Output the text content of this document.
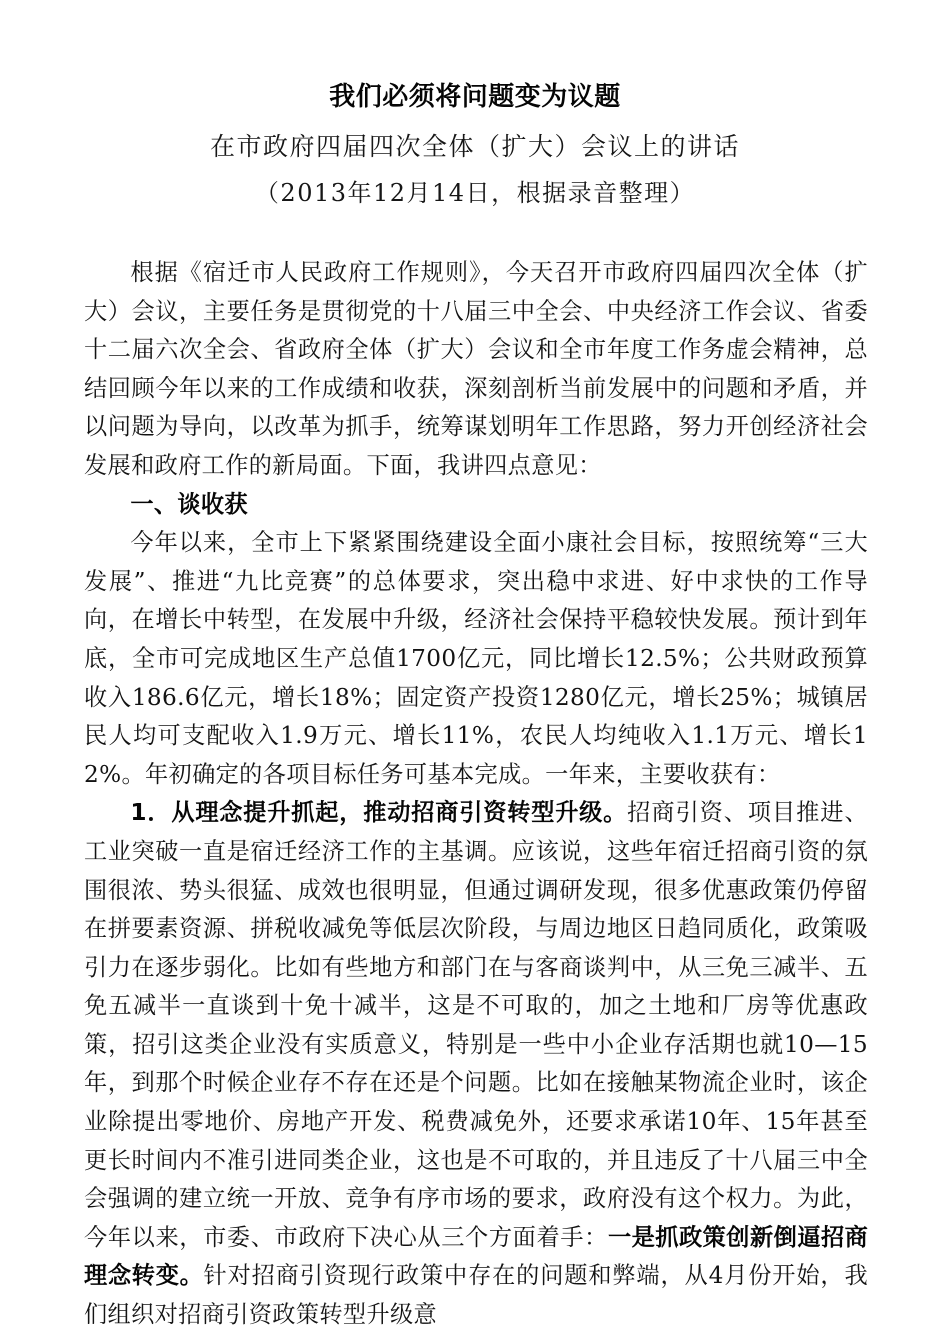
我们必须将问题变为议题
在市政府四届四次全体（扩大）会议上的讲话
（2013年12月14日，根据录音整理）

根据《宿迁市人民政府工作规则》，今天召开市政府四届四次全体（扩大）会议，主要任务是贯彻党的十八届三中全会、中央经济工作会议、省委十二届六次全会、省政府全体（扩大）会议和全市年度工作务虚会精神，总结回顾今年以来的工作成绩和收获，深刻剖析当前发展中的问题和矛盾，并以问题为导向，以改革为抓手，统筹谋划明年工作思路，努力开创经济社会发展和政府工作的新局面。下面，我讲四点意见：

一、谈收获

今年以来，全市上下紧紧围绕建设全面小康社会目标，按照统筹“三大发展”、推进“九比竞赛”的总体要求，突出稳中求进、好中求快的工作导向，在增长中转型，在发展中升级，经济社会保持平稳较快发展。预计到年底，全市可完成地区生产总值1700亿元，同比增长12.5%；公共财政预算收入186.6亿元，增长18%；固定资产投资1280亿元，增长25%；城镇居民人均可支配收入1.9万元、增长11%，农民人均纯收入1.1万元、增长12%。年初确定的各项目标任务可基本完成。一年来，主要收获有：

1．从理念提升抓起，推动招商引资转型升级。招商引资、项目推进、工业突破一直是宿迁经济工作的主基调。应该说，这些年宿迁招商引资的氛围很浓、势头很猛、成效也很明显，但通过调研发现，很多优惠政策仍停留在拼要素资源、拼税收减免等低层次阶段，与周边地区日趋同质化，政策吸引力在逐步弱化。比如有些地方和部门在与客商谈判中，从三免三减半、五免五减半一直谈到十免十减半，这是不可取的，加之土地和厂房等优惠政策，招引这类企业没有实质意义，特别是一些中小企业存活期也就10—15年，到那个时候企业存不存在还是个问题。比如在接触某物流企业时，该企业除提出零地价、房地产开发、税费减免外，还要求承诺10年、15年甚至更长时间内不准引进同类企业，这也是不可取的，并且违反了十八届三中全会强调的建立统一开放、竞争有序市场的要求，政府没有这个权力。为此，今年以来，市委、市政府下决心从三个方面着手：一是抓政策创新倒逼招商理念转变。针对招商引资现行政策中存在的问题和弊端，从4月份开始，我们组织对招商引资政策转型升级意
